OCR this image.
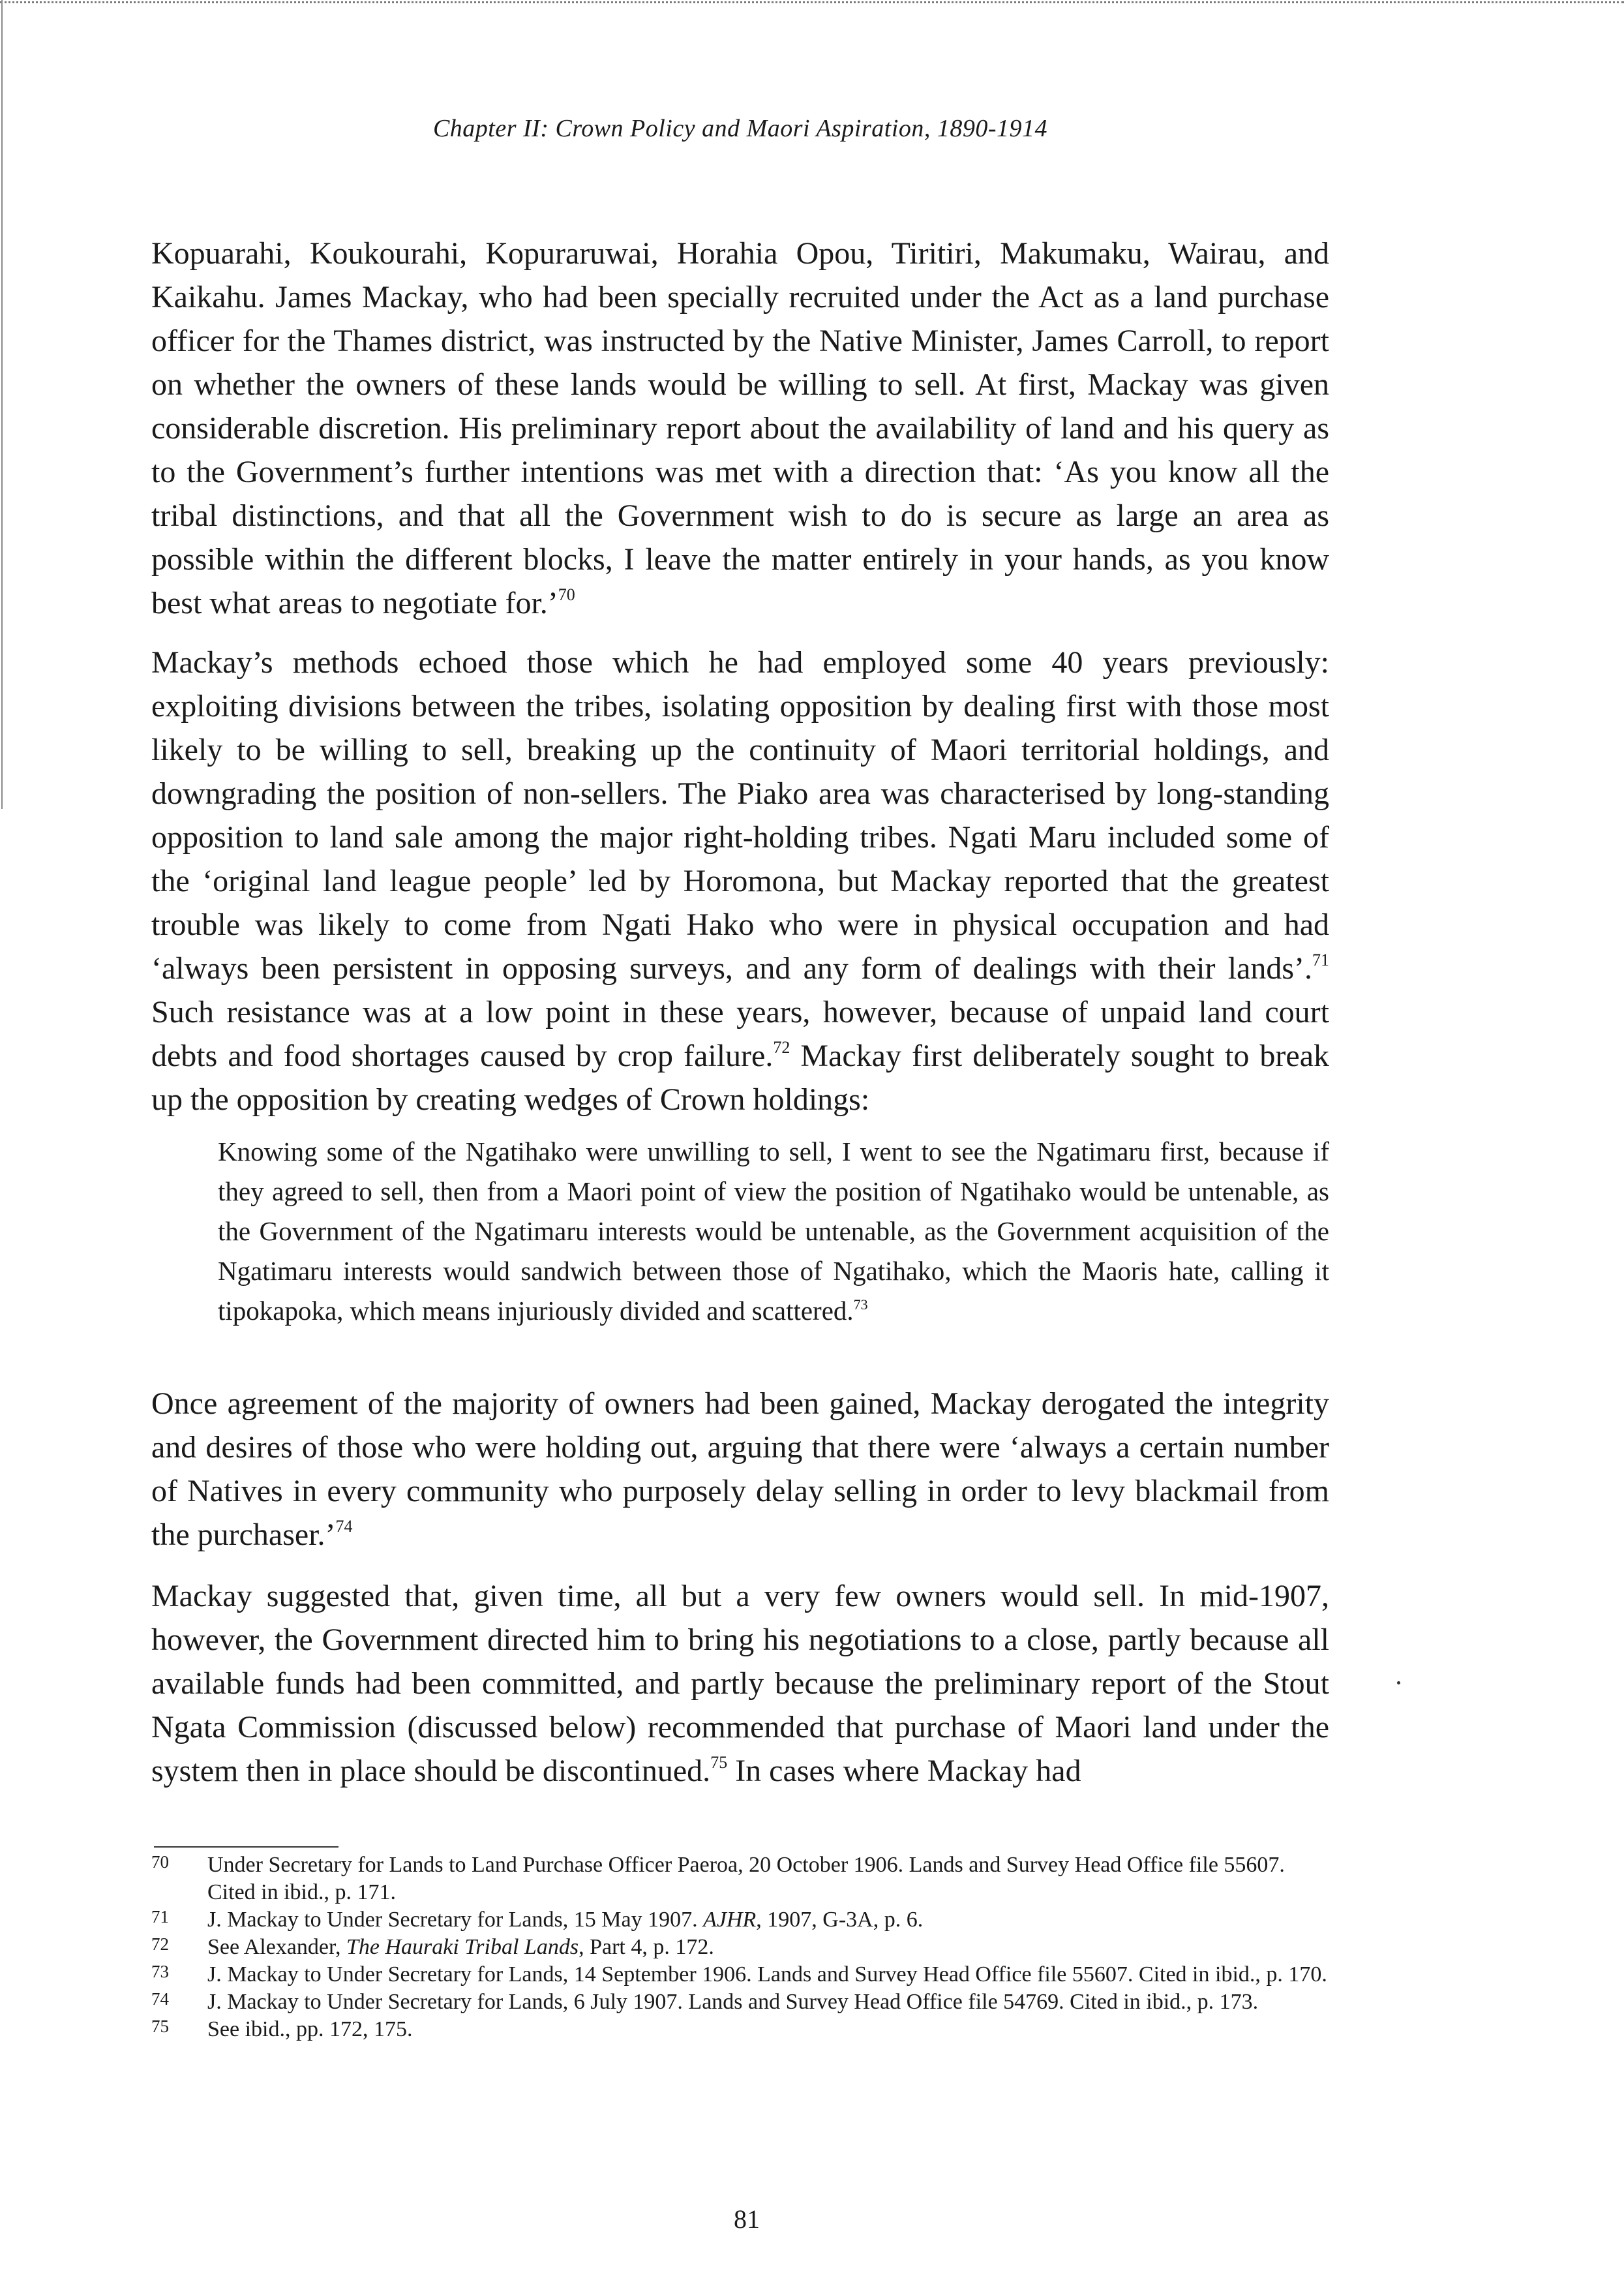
Chapter II: Crown Policy and Maori Aspiration, 1890-1914

Kopuarahi, Koukourahi, Kopuraruwai, Horahia Opou, Tiritiri, Makumaku, Wairau, and Kaikahu. James Mackay, who had been specially recruited under the Act as a land purchase officer for the Thames district, was instructed by the Native Minister, James Carroll, to report on whether the owners of these lands would be willing to sell. At first, Mackay was given considerable discretion. His preliminary report about the availability of land and his query as to the Government’s further intentions was met with a direction that: ‘As you know all the tribal distinctions, and that all the Government wish to do is secure as large an area as possible within the different blocks, I leave the matter entirely in your hands, as you know best what areas to negotiate for.’$^{70}$

Mackay’s methods echoed those which he had employed some 40 years previously: exploiting divisions between the tribes, isolating opposition by dealing first with those most likely to be willing to sell, breaking up the continuity of Maori territorial holdings, and downgrading the position of non-sellers. The Piako area was characterised by long-standing opposition to land sale among the major right-holding tribes. Ngati Maru included some of the ‘original land league people’ led by Horomona, but Mackay reported that the greatest trouble was likely to come from Ngati Hako who were in physical occupation and had ‘always been persistent in opposing surveys, and any form of dealings with their lands’.$^{71}$ Such resistance was at a low point in these years, however, because of unpaid land court debts and food shortages caused by crop failure.$^{72}$ Mackay first deliberately sought to break up the opposition by creating wedges of Crown holdings:

Knowing some of the Ngatihako were unwilling to sell, I went to see the Ngatimaru first, because if they agreed to sell, then from a Maori point of view the position of Ngatihako would be untenable, as the Government of the Ngatimaru interests would be untenable, as the Government acquisition of the Ngatimaru interests would sandwich between those of Ngatihako, which the Maoris hate, calling it tipokapoka, which means injuriously divided and scattered.$^{73}$

Once agreement of the majority of owners had been gained, Mackay derogated the integrity and desires of those who were holding out, arguing that there were ‘always a certain number of Natives in every community who purposely delay selling in order to levy blackmail from the purchaser.’$^{74}$

Mackay suggested that, given time, all but a very few owners would sell. In mid-1907, however, the Government directed him to bring his negotiations to a close, partly because all available funds had been committed, and partly because the preliminary report of the Stout Ngata Commission (discussed below) recommended that purchase of Maori land under the system then in place should be discontinued.$^{75}$ In cases where Mackay had

70 Under Secretary for Lands to Land Purchase Officer Paeroa, 20 October 1906. Lands and Survey Head Office file 55607. Cited in ibid., p. 171.
71 J. Mackay to Under Secretary for Lands, 15 May 1907. AJHR, 1907, G-3A, p. 6.
72 See Alexander, The Hauraki Tribal Lands, Part 4, p. 172.
73 J. Mackay to Under Secretary for Lands, 14 September 1906. Lands and Survey Head Office file 55607. Cited in ibid., p. 170.
74 J. Mackay to Under Secretary for Lands, 6 July 1907. Lands and Survey Head Office file 54769. Cited in ibid., p. 173.
75 See ibid., pp. 172, 175.
81
